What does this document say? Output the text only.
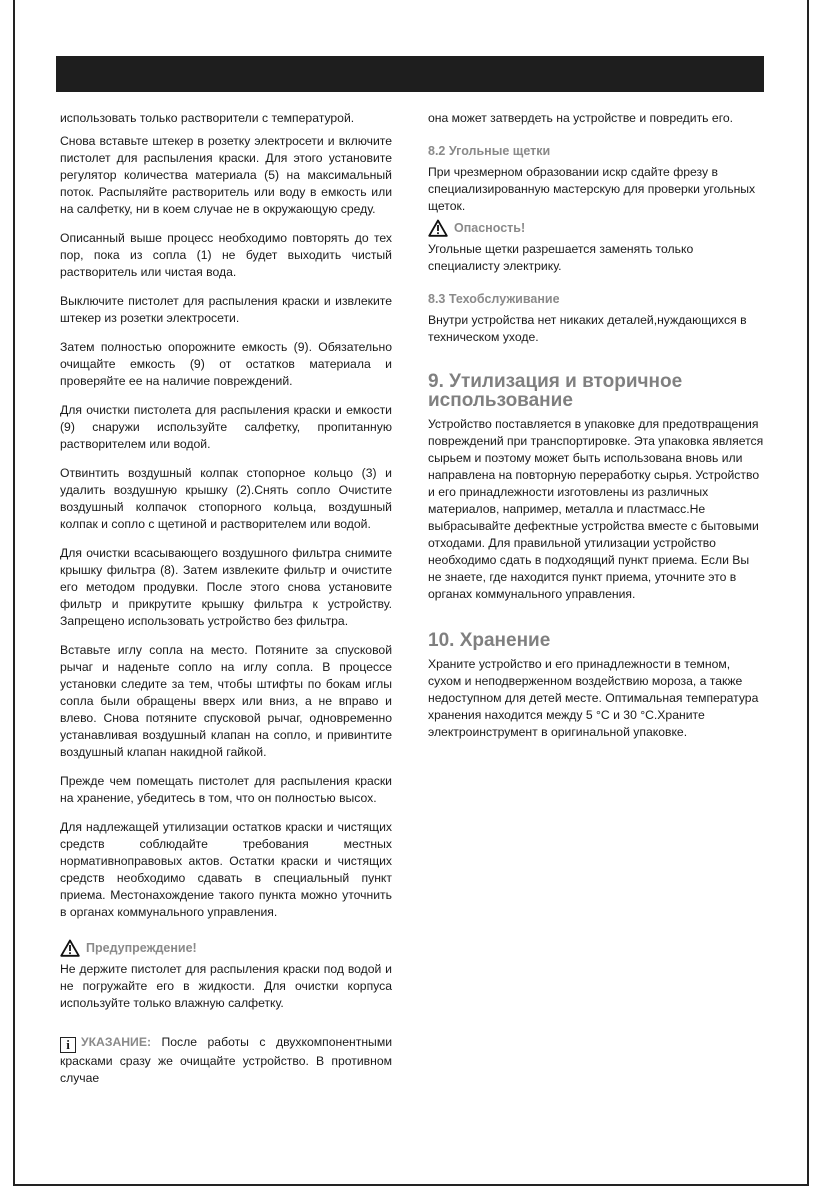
использовать только растворители с температурой.

Снова вставьте штекер в розетку электросети и включите пистолет для распыления краски. Для этого установите регулятор количества материала (5) на максимальный поток. Распыляйте растворитель или воду в емкость или на салфетку, ни в коем случае не в окружающую среду.

Описанный выше процесс необходимо повторять до тех пор, пока из сопла (1) не будет выходить чистый растворитель или чистая вода.

Выключите пистолет для распыления краски и извлеките штекер из розетки электросети.

Затем полностью опорожните емкость (9). Обязательно очищайте емкость (9) от остатков материала и проверяйте ее на наличие повреждений.

Для очистки пистолета для распыления краски и емкости (9) снаружи используйте салфетку, пропитанную растворителем или водой.

Отвинтить воздушный колпак стопорное кольцо (3) и удалить воздушную крышку (2).Снять сопло Очистите воздушный колпачок стопорного кольца, воздушный колпак и сопло с щетиной и растворителем или водой.

Для очистки всасывающего воздушного фильтра снимите крышку фильтра (8). Затем извлеките фильтр и очистите его методом продувки. После этого снова установите фильтр и прикрутите крышку фильтра к устройству. Запрещено использовать устройство без фильтра.

Вставьте иглу сопла на место. Потяните за спусковой рычаг и наденьте сопло на иглу сопла. В процессе установки следите за тем, чтобы штифты по бокам иглы сопла были обращены вверх или вниз, а не вправо и влево. Снова потяните спусковой рычаг, одновременно устанавливая воздушный клапан на сопло, и привинтите воздушный клапан накидной гайкой.

Прежде чем помещать пистолет для распыления краски на хранение, убедитесь в том, что он полностью высох.

Для надлежащей утилизации остатков краски и чистящих средств соблюдайте требования местных нормативноправовых актов. Остатки краски и чистящих средств необходимо сдавать в специальный пункт приема. Местонахождение такого пункта можно уточнить в органах коммунального управления.

Предупреждение!

Не держите пистолет для распыления краски под водой и не погружайте его в жидкости. Для очистки корпуса используйте только влажную салфетку.

i УКАЗАНИЕ: После работы с двухкомпонентными красками сразу же очищайте устройство. В противном случае

она может затвердеть на устройстве и повредить его.

8.2 Угольные щетки

При чрезмерном образовании искр сдайте фрезу в специализированную мастерскую для проверки угольных щеток.

Опасность!

Угольные щетки разрешается заменять только специалисту электрику.

8.3 Техобслуживание

Внутри устройства нет никаких деталей,нуждающихся в техническом уходе.

9. Утилизация и вторичное использование

Устройство поставляется в упаковке для предотвращения повреждений при транспортировке. Эта упаковка является сырьем и поэтому может быть использована вновь или направлена на повторную переработку сырья. Устройство и его принадлежности изготовлены из различных материалов, например, металла и пластмасс.Не выбрасывайте дефектные устройства вместе с бытовыми отходами. Для правильной утилизации устройство необходимо сдать в подходящий пункт приема. Если Вы не знаете, где находится пункт приема, уточните это в органах коммунального управления.

10. Хранение

Храните устройство и его принадлежности в темном, сухом и неподверженном воздействию мороза, а также недоступном для детей месте. Оптимальная температура хранения находится между 5 °C и 30 °C.Храните электроинструмент в оригинальной упаковке.
